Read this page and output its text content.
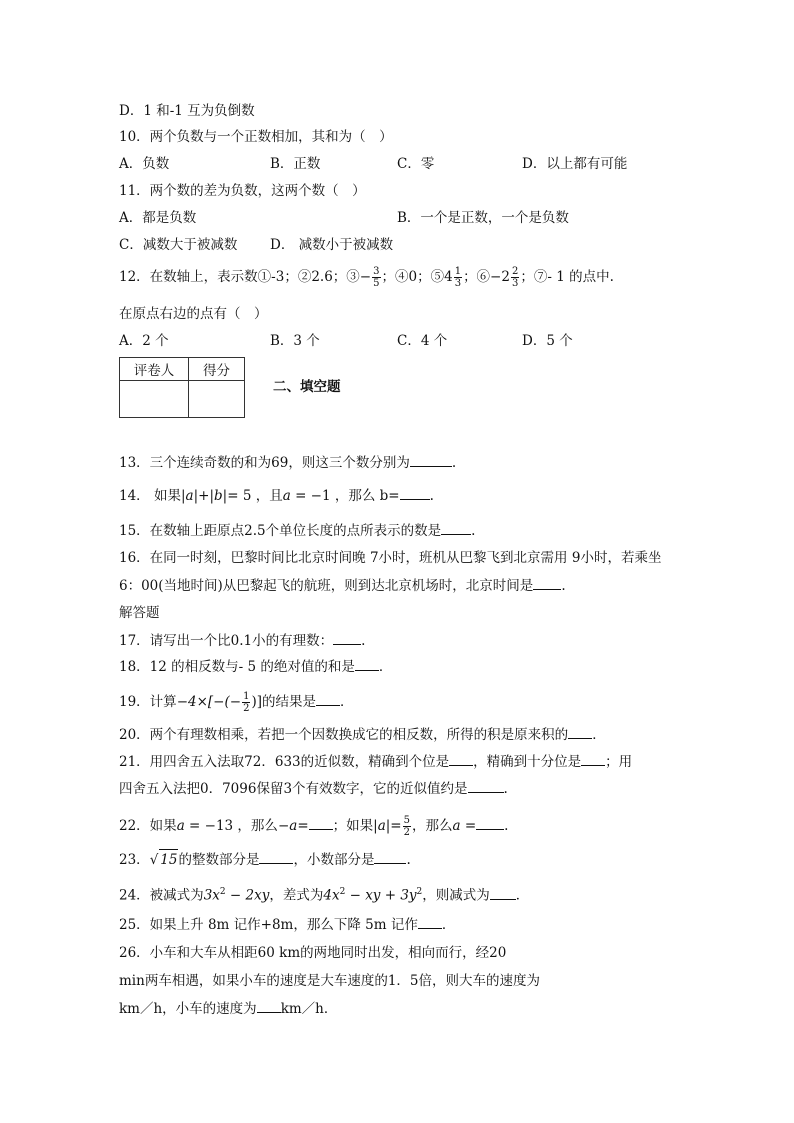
D．1 和-1 互为负倒数
10．两个负数与一个正数相加，其和为（　）
A．负数	B．正数	C．零	D．以上都有可能
11．两个数的差为负数，这两个数（　）
A．都是负数	B．一个是正数，一个是负数
C．减数大于被减数 D． 减数小于被减数
12．在数轴上，表示数①-3；②2.6；③− $\frac{3}{5}$ ；④0；⑤4 $\frac{1}{3}$ ；⑥−2 $\frac{2}{3}$ ；⑦- 1 的点中.
在原点右边的点有（　）
A．2 个	B．3 个	C．4 个	D．5 个
评卷人	得分

二、填空题
13．三个连续奇数的和为69，则这三个数分别为	.
14． 如果|a|+|b|= 5 ，且a = −1 ，那么 b= .
15．在数轴上距原点2.5个单位长度的点所表示的数是 .
16．在同一时刻，巴黎时间比北京时间晚 7小时，班机从巴黎飞到北京需用 9小时，若乘坐
6：00(当地时间)从巴黎起飞的航班，则到达北京机场时，北京时间是 .
解答题
17．请写出一个比0.1小的有理数： .
18．12 的相反数与- 5 的绝对值的和是 ．
19．计算$-4\times[-(- \frac{1}{2}$ )]的结果是 ．
20．两个有理数相乘，若把一个因数换成它的相反数，所得的积是原来积的 ．
21．用四舍五入法取72．633的近似数，精确到个位是 ，精确到十分位是 ；用
四舍五入法把0．7096保留3个有效数字，它的近似值约是	.
22．如果a = −13 ，那么−a= ；如果$|a|= \frac{5}{2}$ ，那么a = .
23．√ 15的整数部分是	，小数部分是 .
24．被减式为$3x^2 - 2xy$，差式为$4x^2$ − xy + $3y^2$，则减式为 ．
25．如果上升 8m 记作+8m，那么下降 5m 记作 ．
26．小车和大车从相距60 km的两地同时出发，相向而行，经20
min两车相遇，如果小车的速度是大车速度的1．5倍，则大车的速度为
km／h，小车的速度为 km／h．
